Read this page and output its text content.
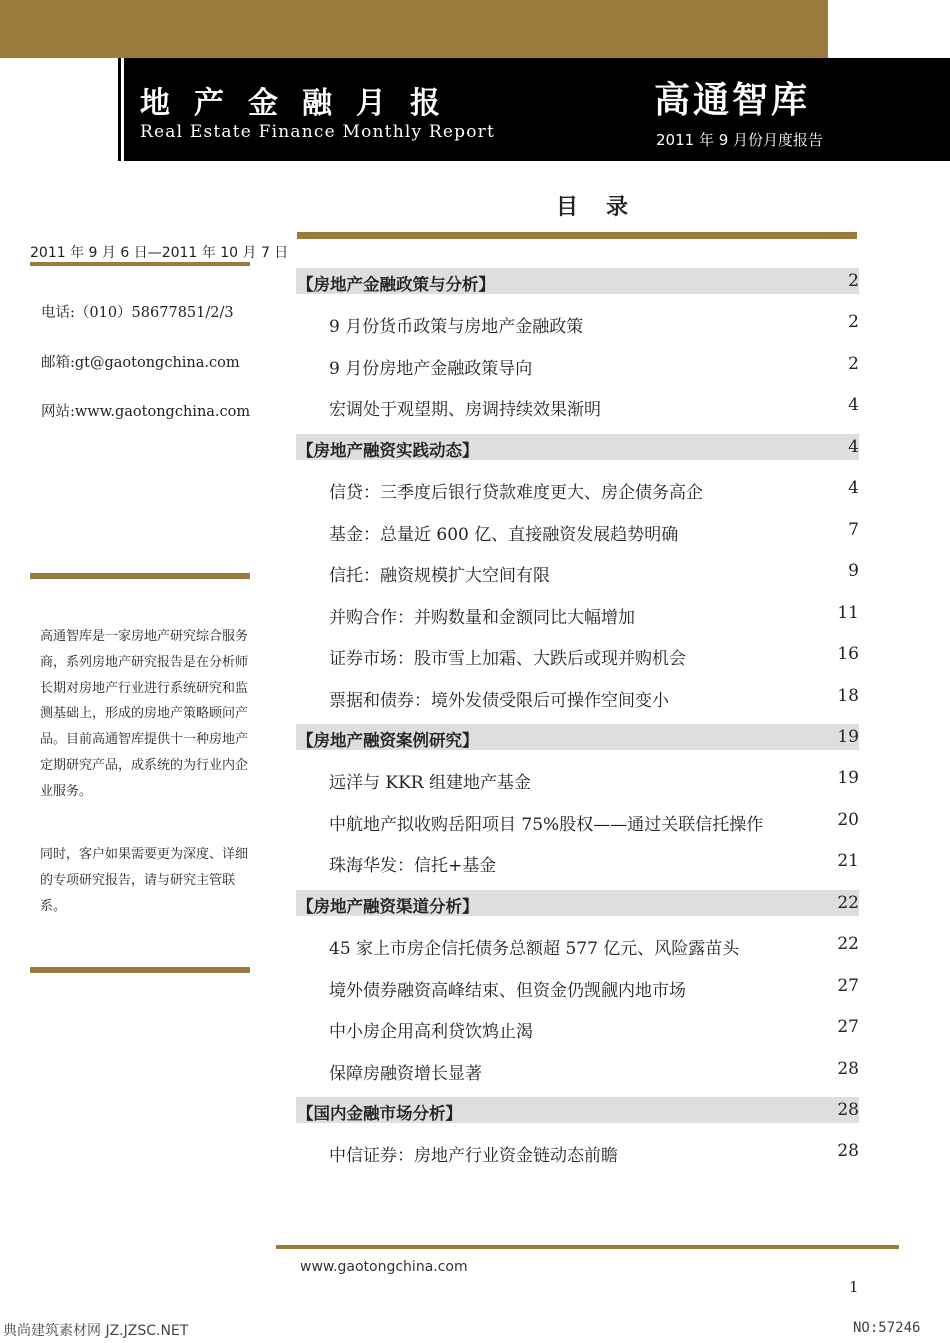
地产金融月报
Real Estate Finance Monthly Report
高通智库
2011 年 9 月份月度报告
2011 年 9 月 6 日—2011 年 10 月 7 日
电话:（010）58677851/2/3
邮箱:gt@gaotongchina.com
网站:www.gaotongchina.com
高通智库是一家房地产研究综合服务商，系列房地产研究报告是在分析师长期对房地产行业进行系统研究和监测基础上，形成的房地产策略顾问产品。目前高通智库提供十一种房地产定期研究产品，成系统的为行业内企业服务。
同时，客户如果需要更为深度、详细的专项研究报告，请与研究主管联系。
目录
【房地产金融政策与分析】	2
9 月份货币政策与房地产金融政策	2
9 月份房地产金融政策导向	2
宏调处于观望期、房调持续效果渐明	4
【房地产融资实践动态】	4
信贷：三季度后银行贷款难度更大、房企债务高企	4
基金：总量近 600 亿、直接融资发展趋势明确	7
信托：融资规模扩大空间有限	9
并购合作：并购数量和金额同比大幅增加	11
证券市场：股市雪上加霜、大跌后或现并购机会	16
票据和债券：境外发债受限后可操作空间变小	18
【房地产融资案例研究】	19
远洋与 KKR 组建地产基金	19
中航地产拟收购岳阳项目 75%股权——通过关联信托操作	20
珠海华发：信托+基金	21
【房地产融资渠道分析】	22
45 家上市房企信托债务总额超 577 亿元、风险露苗头	22
境外债券融资高峰结束、但资金仍觊觎内地市场	27
中小房企用高利贷饮鸩止渴	27
保障房融资增长显著	28
【国内金融市场分析】	28
中信证券：房地产行业资金链动态前瞻	28
www.gaotongchina.com
1
典尚建筑素材网 JZ.JZSC.NET	NO:57246
